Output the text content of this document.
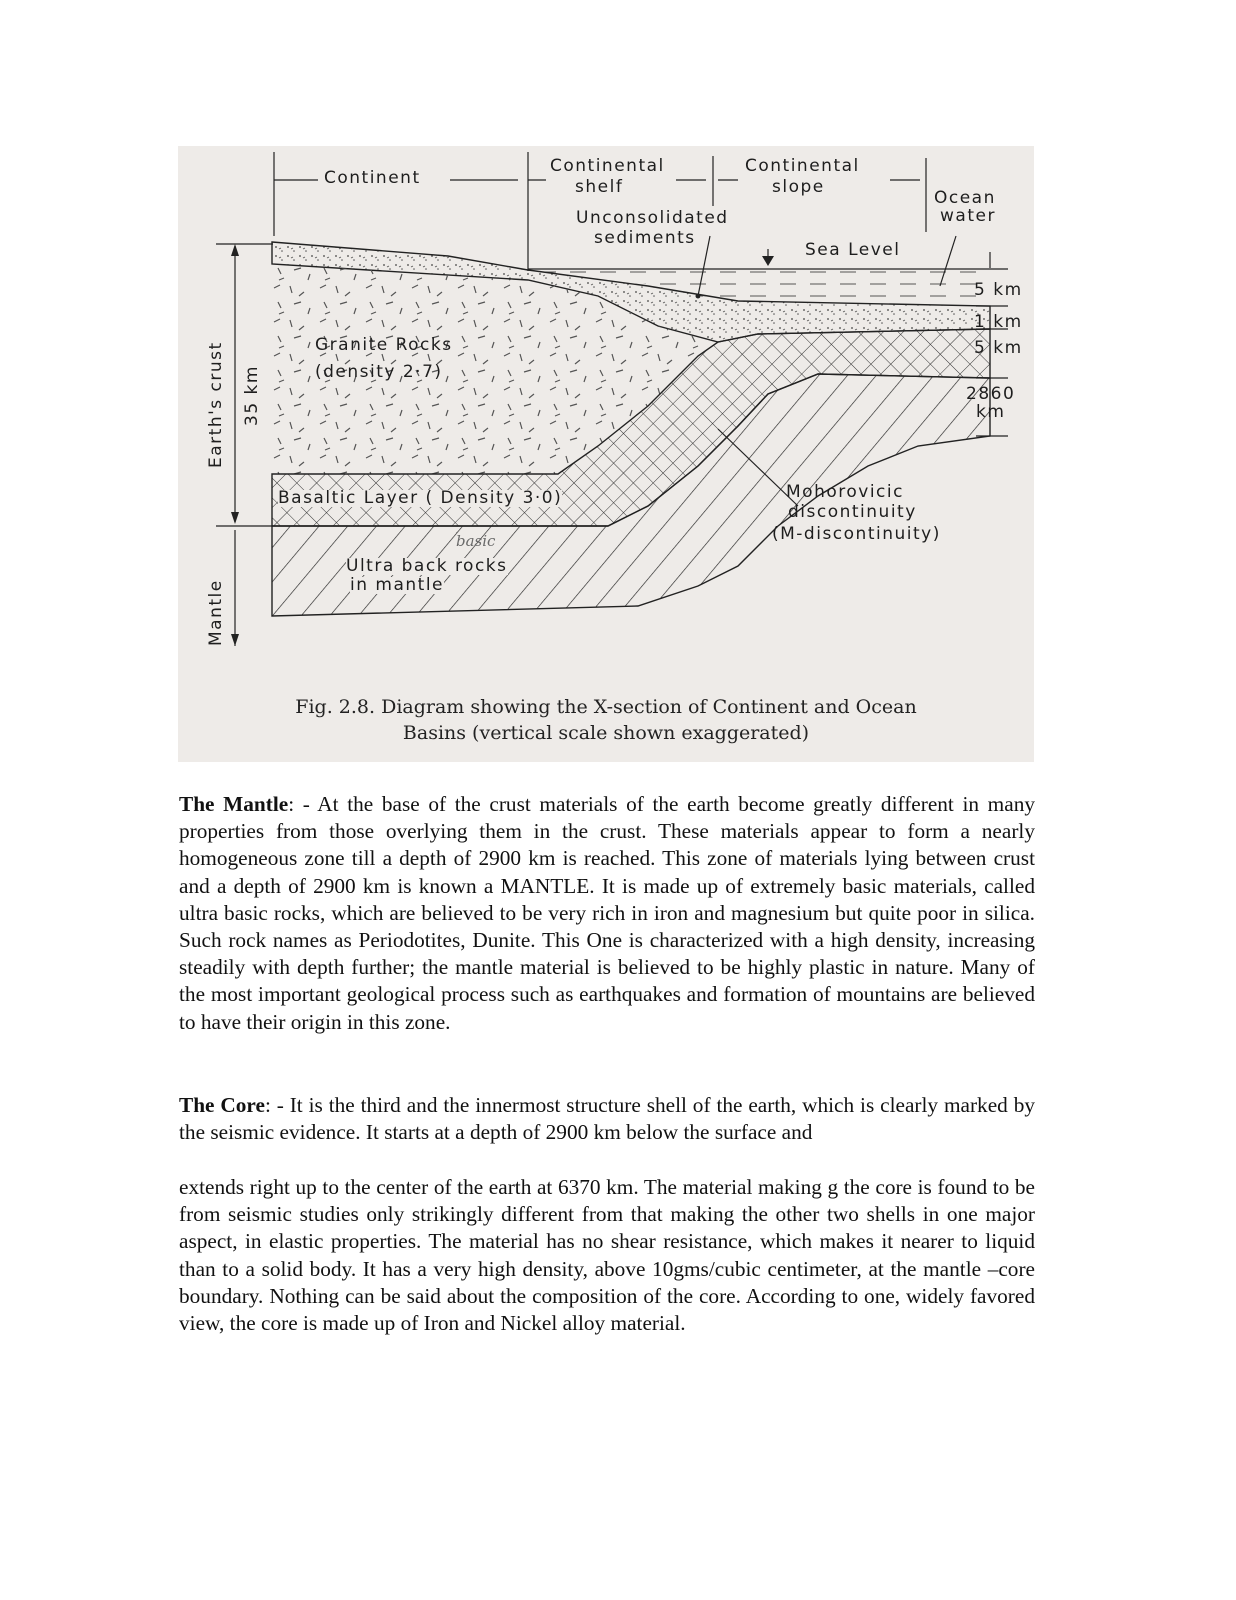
Continent
Continental
shelf
Continental
slope
Ocean
water
Unconsolidated
sediments
Sea Level
Granite Rocks
(density 2·7)
Basaltic Layer ( Density 3·0)
basic
Ultra back rocks
in mantle
Mohorovicic
discontinuity
(M-discontinuity)
5 km
1 km
5 km
2860
km
Earth's crust 35 km
Mantle
Fig. 2.8. Diagram showing the X-section of Continent and Ocean
Basins (vertical scale shown exaggerated)

The Mantle: - At the base of the crust materials of the earth become greatly different in many properties from those overlying them in the crust. These materials appear to form a nearly homogeneous zone till a depth of 2900 km is reached. This zone of materials lying between crust and a depth of 2900 km is known a MANTLE. It is made up of extremely basic materials, called ultra basic rocks, which are believed to be very rich in iron and magnesium but quite poor in silica. Such rock names as Periodotites, Dunite. This One is characterized with a high density, increasing steadily with depth further; the mantle material is believed to be highly plastic in nature. Many of the most important geological process such as earthquakes and formation of mountains are believed to have their origin in this zone.

The Core: - It is the third and the innermost structure shell of the earth, which is clearly marked by the seismic evidence. It starts at a depth of 2900 km below the surface and

extends right up to the center of the earth at 6370 km. The material making g the core is found to be from seismic studies only strikingly different from that making the other two shells in one major aspect, in elastic properties. The material has no shear resistance, which makes it nearer to liquid than to a solid body. It has a very high density, above 10gms/cubic centimeter, at the mantle –core boundary. Nothing can be said about the composition of the core. According to one, widely favored view, the core is made up of Iron and Nickel alloy material.
